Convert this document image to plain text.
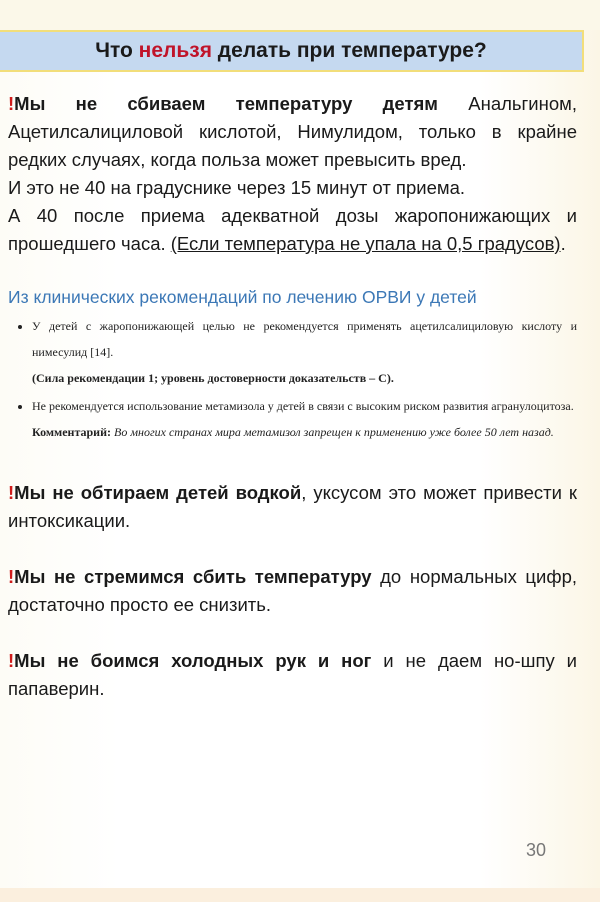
Что нельзя делать при температуре?

!Мы не сбиваем температуру детям Анальгином, Ацетилсалициловой кислотой, Нимулидом, только в крайне редких случаях, когда польза может превысить вред.

И это не 40 на градуснике через 15 минут от приема.

А 40 после приема адекватной дозы жаропонижающих и прошедшего часа. (Если температура не упала на 0,5 градусов).

Из клинических рекомендаций по лечению ОРВИ у детей
• У детей с жаропонижающей целью не рекомендуется применять ацетилсалициловую кислоту и нимесулид [14].
(Сила рекомендации 1; уровень достоверности доказательств – С).
• Не рекомендуется использование метамизола у детей в связи с высоким риском развития агранулоцитоза.
Комментарий: Во многих странах мира метамизол запрещен к применению уже более 50 лет назад.

!Мы не обтираем детей водкой, уксусом это может привести к интоксикации.

!Мы не стремимся сбить температуру до нормальных цифр, достаточно просто ее снизить.

!Мы не боимся холодных рук и ног и не даем но-шпу и папаверин.

30
